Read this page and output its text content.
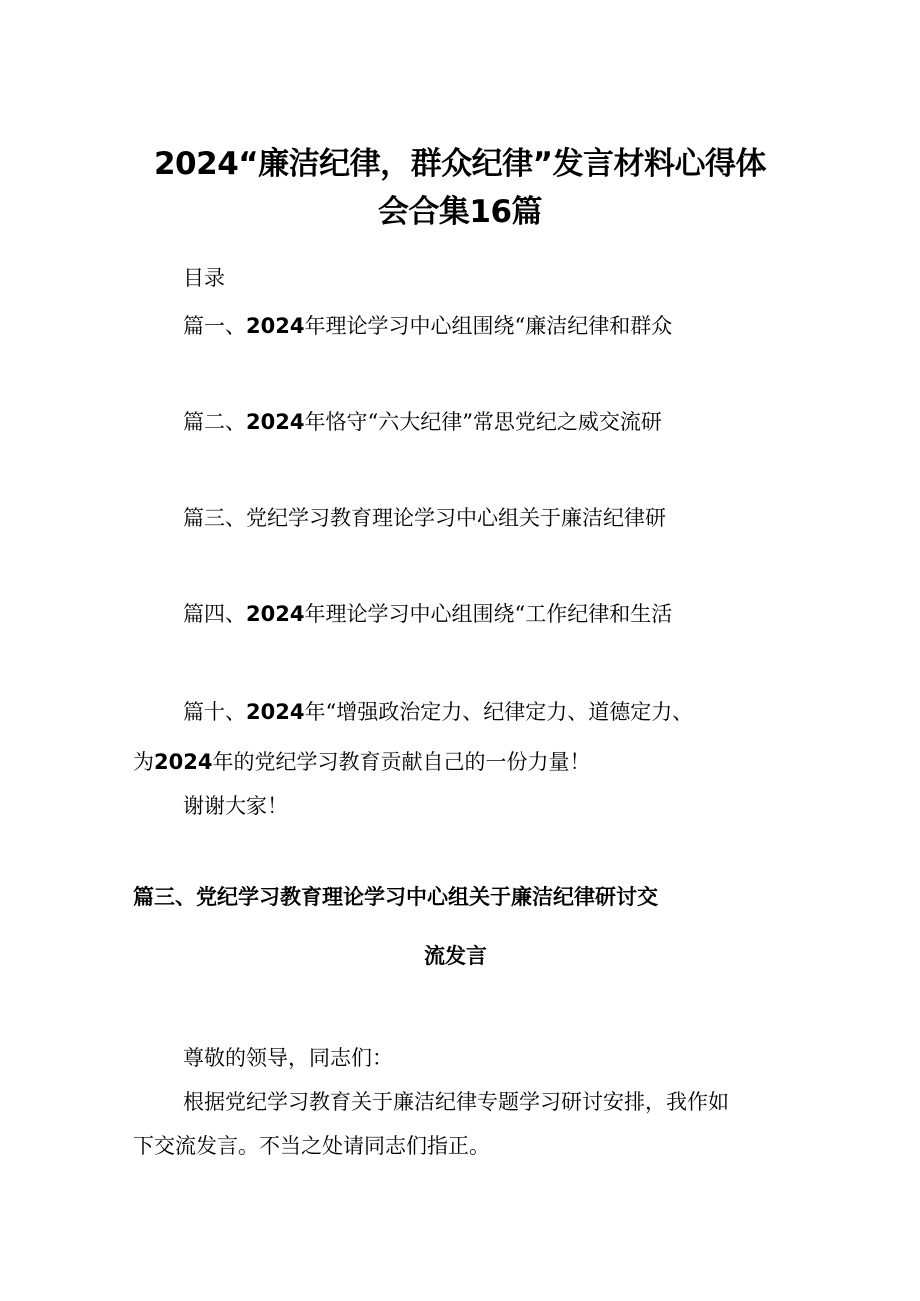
2024“廉洁纪律，群众纪律”发言材料心得体
会合集16篇
目录
篇一、2024年理论学习中心组围绕“廉洁纪律和群众
篇二、2024年恪守“六大纪律”常思党纪之威交流研
篇三、党纪学习教育理论学习中心组关于廉洁纪律研
篇四、2024年理论学习中心组围绕“工作纪律和生活
篇十、2024年“增强政治定力、纪律定力、道德定力、
为2024年的党纪学习教育贡献自己的一份力量！
谢谢大家！
篇三、党纪学习教育理论学习中心组关于廉洁纪律研讨交
流发言
尊敬的领导，同志们：
根据党纪学习教育关于廉洁纪律专题学习研讨安排，我作如
下交流发言。不当之处请同志们指正。
